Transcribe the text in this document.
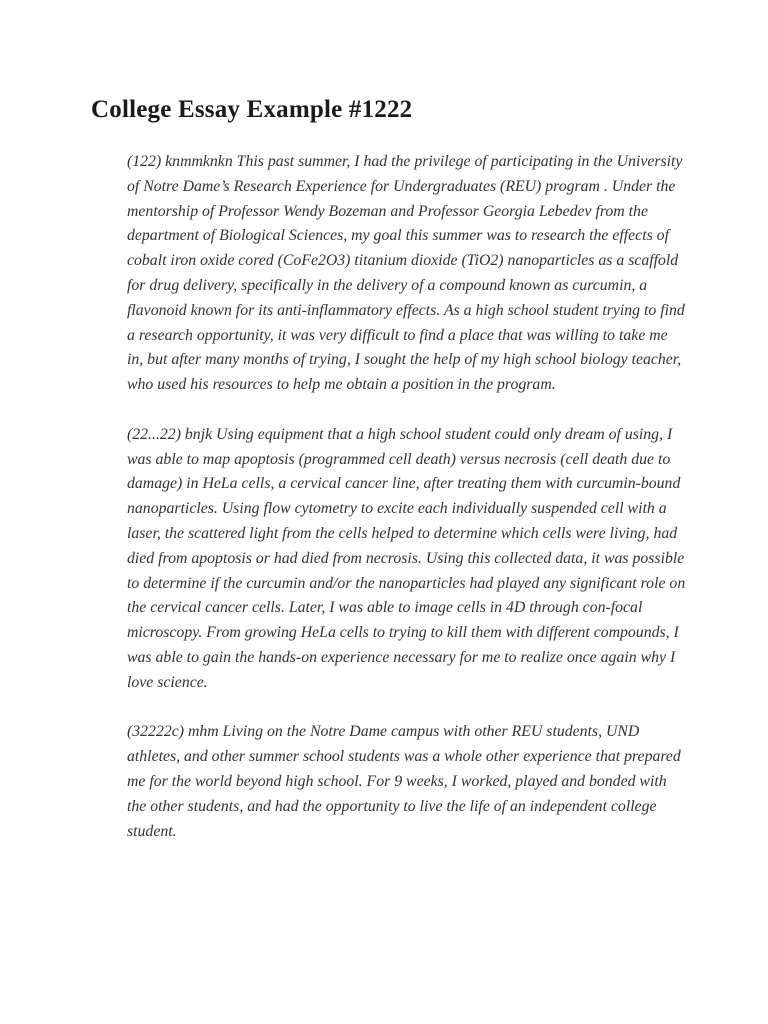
College Essay Example #1222

(122) knmmknkn This past summer, I had the privilege of participating in the University of Notre Dame’s Research Experience for Undergraduates (REU) program . Under the mentorship of Professor Wendy Bozeman and Professor Georgia Lebedev from the department of Biological Sciences, my goal this summer was to research the effects of cobalt iron oxide cored (CoFe2O3) titanium dioxide (TiO2) nanoparticles as a scaffold for drug delivery, specifically in the delivery of a compound known as curcumin, a flavonoid known for its anti-inflammatory effects. As a high school student trying to find a research opportunity, it was very difficult to find a place that was willing to take me in, but after many months of trying, I sought the help of my high school biology teacher, who used his resources to help me obtain a position in the program.

(22...22) bnjk Using equipment that a high school student could only dream of using, I was able to map apoptosis (programmed cell death) versus necrosis (cell death due to damage) in HeLa cells, a cervical cancer line, after treating them with curcumin-bound nanoparticles. Using flow cytometry to excite each individually suspended cell with a laser, the scattered light from the cells helped to determine which cells were living, had died from apoptosis or had died from necrosis. Using this collected data, it was possible to determine if the curcumin and/or the nanoparticles had played any significant role on the cervical cancer cells. Later, I was able to image cells in 4D through con-focal microscopy. From growing HeLa cells to trying to kill them with different compounds, I was able to gain the hands-on experience necessary for me to realize once again why I love science.

(32222c) mhm Living on the Notre Dame campus with other REU students, UND athletes, and other summer school students was a whole other experience that prepared me for the world beyond high school. For 9 weeks, I worked, played and bonded with the other students, and had the opportunity to live the life of an independent college student.
